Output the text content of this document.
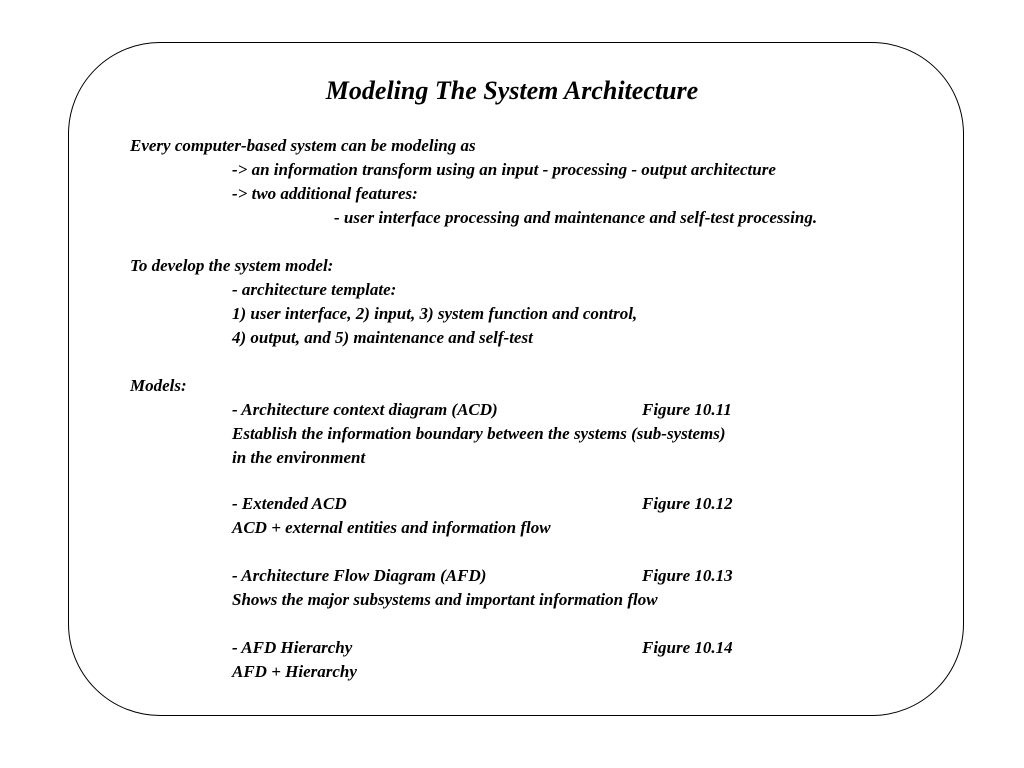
Modeling The System Architecture
Every computer-based system can be modeling as
-> an information transform using an input - processing - output architecture
-> two additional features:
- user interface processing and maintenance and self-test processing.
To develop the system model:
- architecture template:
1) user interface, 2) input, 3) system function and control,
4) output, and 5) maintenance and self-test
Models:
- Architecture context diagram (ACD)	Figure 10.11
Establish the information boundary between the systems (sub-systems)
in the environment
- Extended ACD	Figure 10.12
ACD + external entities and information flow
- Architecture Flow Diagram (AFD)	Figure 10.13
Shows the major subsystems and important information flow
- AFD Hierarchy	Figure 10.14
AFD + Hierarchy
